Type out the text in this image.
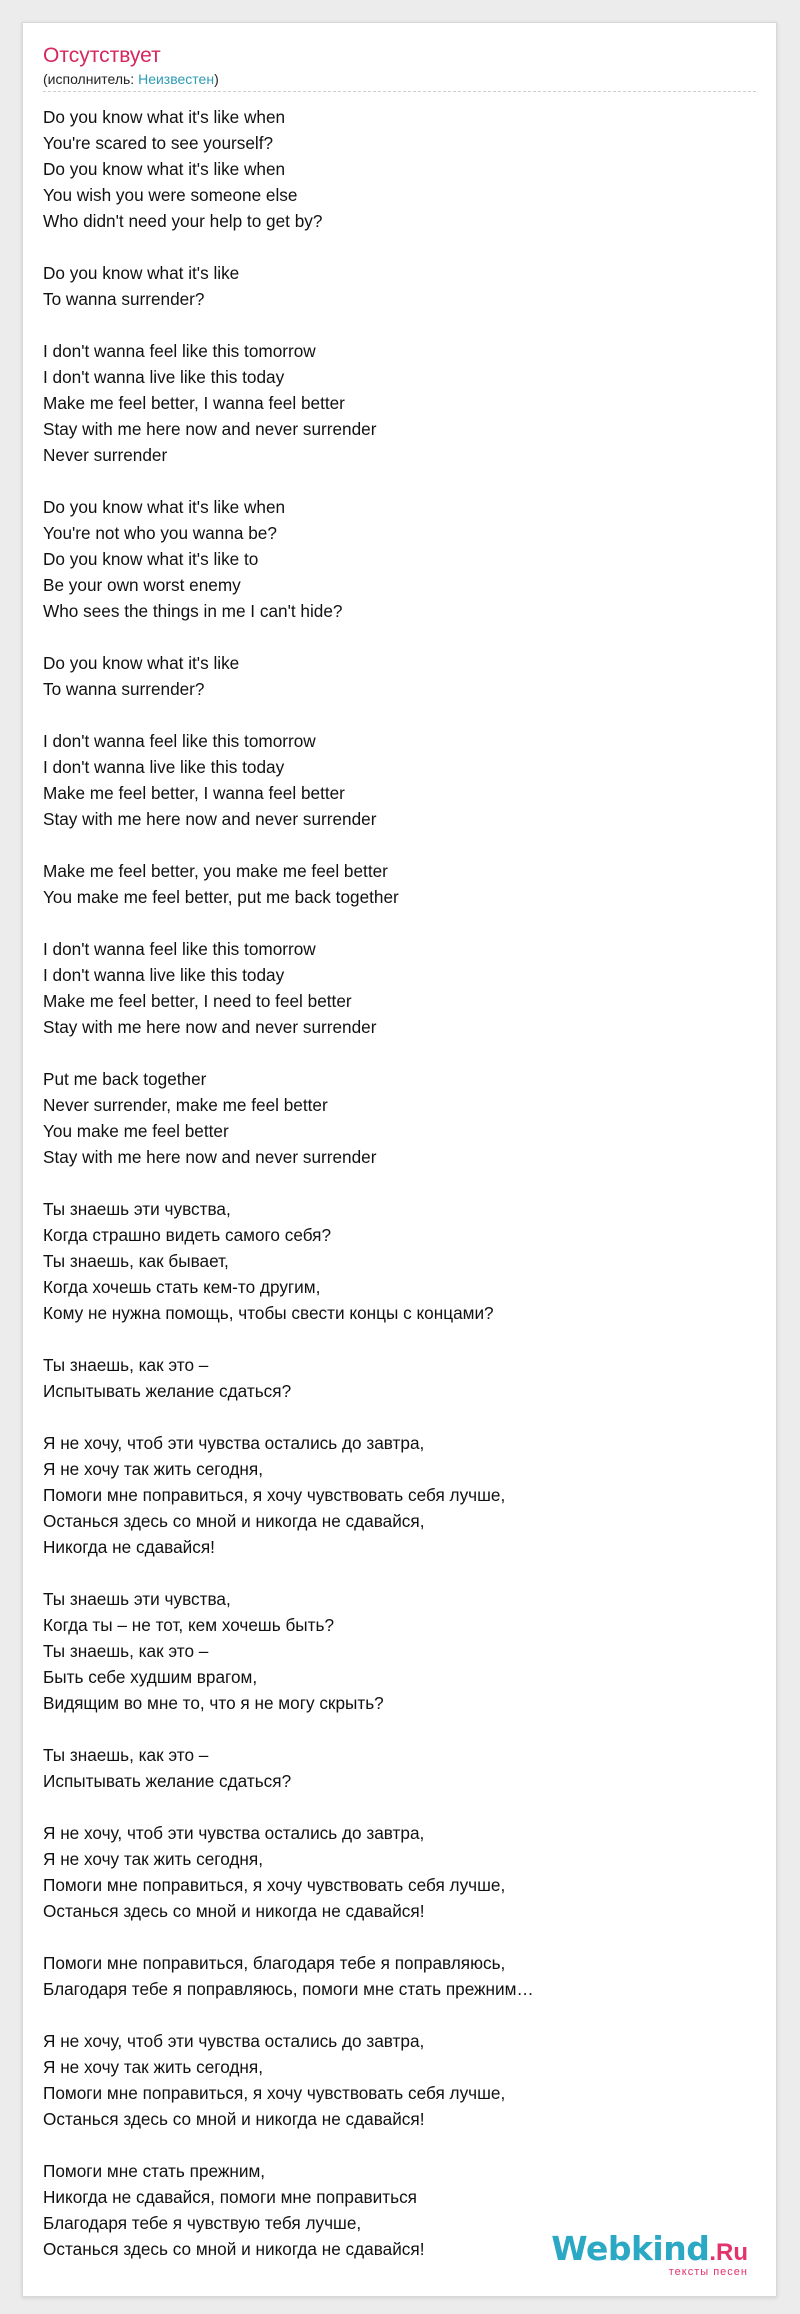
Отсутствует
(исполнитель: Неизвестен)
Do you know what it's like when
You're scared to see yourself?
Do you know what it's like when
You wish you were someone else
Who didn't need your help to get by?
Do you know what it's like
To wanna surrender?
I don't wanna feel like this tomorrow
I don't wanna live like this today
Make me feel better, I wanna feel better
Stay with me here now and never surrender
Never surrender
Do you know what it's like when
You're not who you wanna be?
Do you know what it's like to
Be your own worst enemy
Who sees the things in me I can't hide?
Do you know what it's like
To wanna surrender?
I don't wanna feel like this tomorrow
I don't wanna live like this today
Make me feel better, I wanna feel better
Stay with me here now and never surrender
Make me feel better, you make me feel better
You make me feel better, put me back together
I don't wanna feel like this tomorrow
I don't wanna live like this today
Make me feel better, I need to feel better
Stay with me here now and never surrender
Put me back together
Never surrender, make me feel better
You make me feel better
Stay with me here now and never surrender
Ты знаешь эти чувства,
Когда страшно видеть самого себя?
Ты знаешь, как бывает,
Когда хочешь стать кем-то другим,
Кому не нужна помощь, чтобы свести концы с концами?
Ты знаешь, как это –
Испытывать желание сдаться?
Я не хочу, чтоб эти чувства остались до завтра,
Я не хочу так жить сегодня,
Помоги мне поправиться, я хочу чувствовать себя лучше,
Останься здесь со мной и никогда не сдавайся,
Никогда не сдавайся!
Ты знаешь эти чувства,
Когда ты – не тот, кем хочешь быть?
Ты знаешь, как это –
Быть себе худшим врагом,
Видящим во мне то, что я не могу скрыть?
Ты знаешь, как это –
Испытывать желание сдаться?
Я не хочу, чтоб эти чувства остались до завтра,
Я не хочу так жить сегодня,
Помоги мне поправиться, я хочу чувствовать себя лучше,
Останься здесь со мной и никогда не сдавайся!
Помоги мне поправиться, благодаря тебе я поправляюсь,
Благодаря тебе я поправляюсь, помоги мне стать прежним…
Я не хочу, чтоб эти чувства остались до завтра,
Я не хочу так жить сегодня,
Помоги мне поправиться, я хочу чувствовать себя лучше,
Останься здесь со мной и никогда не сдавайся!
Помоги мне стать прежним,
Никогда не сдавайся, помоги мне поправиться
Благодаря тебе я чувствую тебя лучше,
Останься здесь со мной и никогда не сдавайся!	Webkind.Ru
тексты песен
